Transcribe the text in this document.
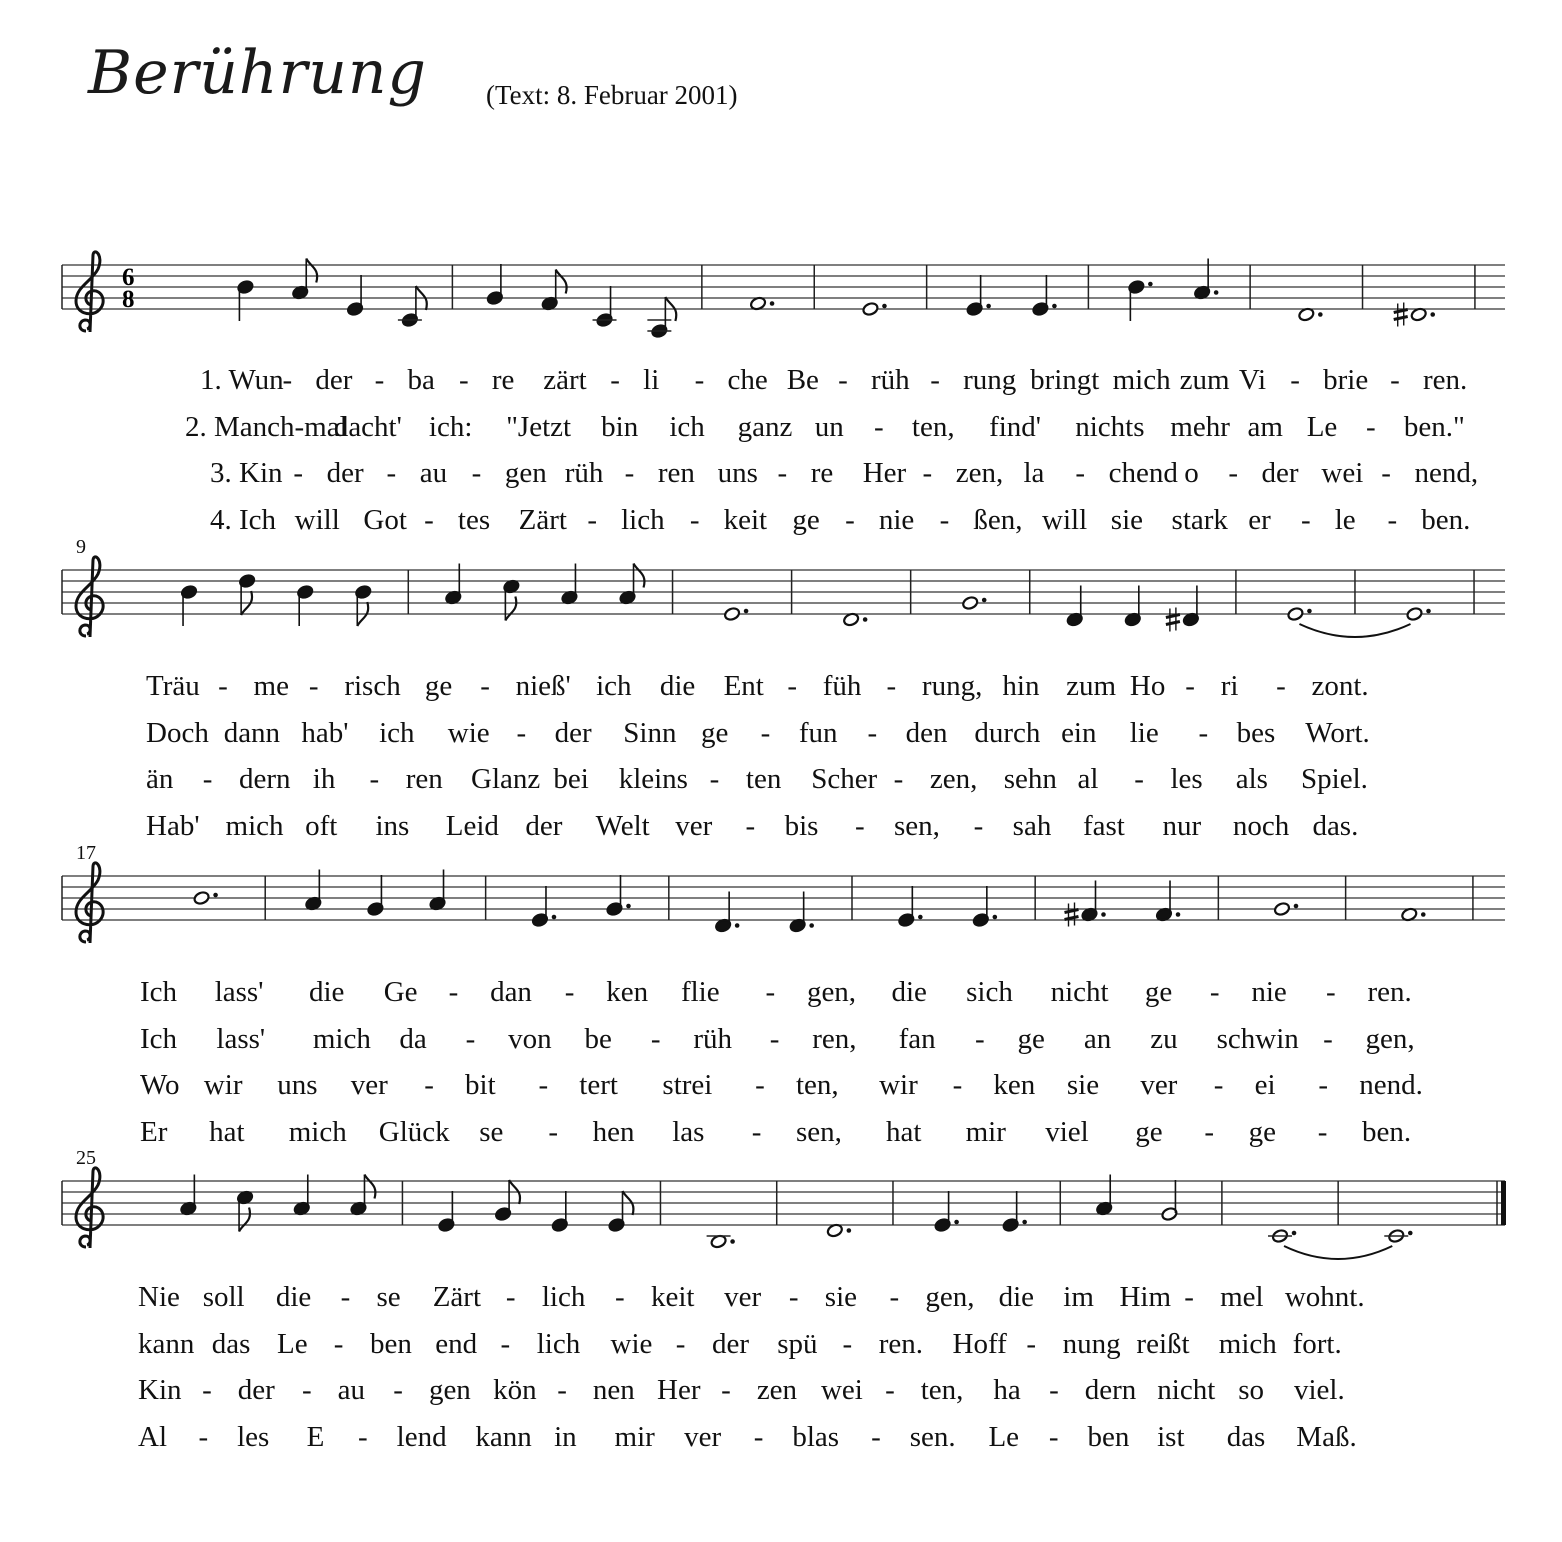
Berührung (Text: 8. Februar 2001)
6
8
1. Wun
- der - ba - re zärt - li - che Be - rüh - rung bringt mich zum Vi - brie - ren.
2. Manch-mal
dacht' ich: "Jetzt bin ich ganz un - ten, find' nichts mehr am Le - ben."
3. Kin - der - au - gen rüh - ren uns - re Her - zen, la - chend o - der wei - nend,
4. Ich will Got - tes Zärt - lich - keit ge - nie - ßen, will sie stark er - le - ben.
Träu - me - risch ge - nieß' ich die Ent - füh - rung, hin zum Ho - ri - zont.
Doch dann hab' ich wie - der Sinn ge - fun - den durch ein lie - bes Wort.
än - dern ih - ren Glanz bei kleins - ten Scher - zen, sehn al - les als Spiel.
Hab' mich oft ins Leid der Welt ver - bis - sen, - sah fast nur noch das.
Ich lass' die Ge - dan - ken flie - gen, die sich nicht ge - nie - ren.
Ich lass' mich da - von be - rüh - ren, fan - ge an zu schwin - gen,
Wo wir uns ver - bit - tert strei - ten, wir - ken sie ver - ei - nend.
Er hat mich Glück se - hen las - sen, hat mir viel ge - ge - ben.
Nie soll die - se Zärt - lich - keit ver - sie - gen, die im Him - mel wohnt.
kann das Le - ben end - lich wie - der spü - ren. Hoff - nung reißt mich fort.
Kin - der - au - gen kön - nen Her - zen wei - ten, ha - dern nicht so viel.
Al - les E - lend kann in mir ver - blas - sen. Le - ben ist das Maß.
9
17
25
